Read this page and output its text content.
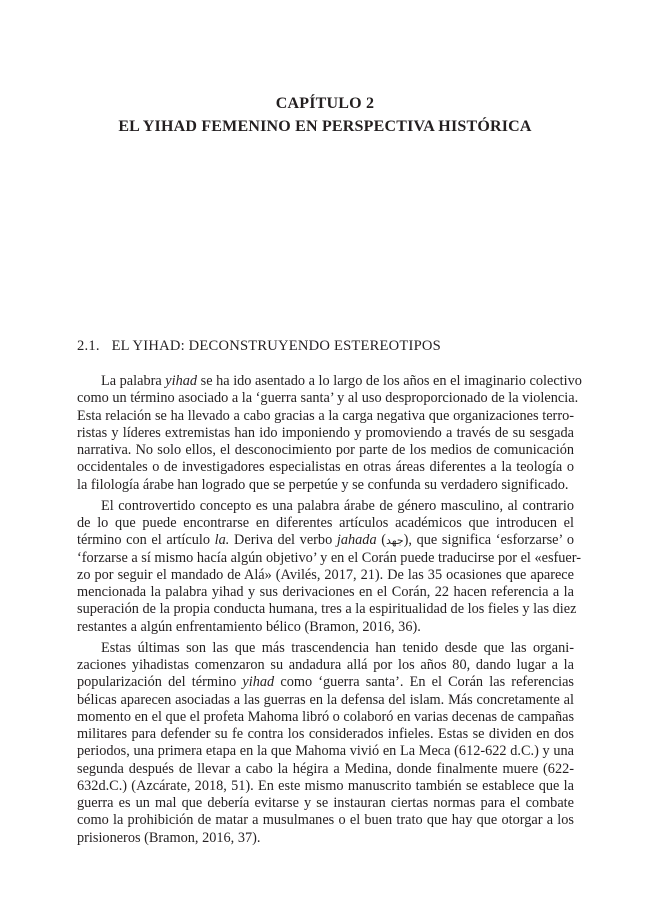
CAPÍTULO 2
EL YIHAD FEMENINO EN PERSPECTIVA HISTÓRICA
2.1. EL YIHAD: DECONSTRUYENDO ESTEREOTIPOS
La palabra yihad se ha ido asentado a lo largo de los años en el imaginario colectivo
como un término asociado a la ‘guerra santa’ y al uso desproporcionado de la violencia.
Esta relación se ha llevado a cabo gracias a la carga negativa que organizaciones terro-
ristas y líderes extremistas han ido imponiendo y promoviendo a través de su sesgada
narrativa. No solo ellos, el desconocimiento por parte de los medios de comunicación
occidentales o de investigadores especialistas en otras áreas diferentes a la teología o
la filología árabe han logrado que se perpetúe y se confunda su verdadero significado.
El controvertido concepto es una palabra árabe de género masculino, al contrario
de lo que puede encontrarse en diferentes artículos académicos que introducen el
término con el artículo la. Deriva del verbo jahada (جهد), que significa ‘esforzarse’ o
‘forzarse a sí mismo hacía algún objetivo’ y en el Corán puede traducirse por el «esfuer-
zo por seguir el mandado de Alá» (Avilés, 2017, 21). De las 35 ocasiones que aparece
mencionada la palabra yihad y sus derivaciones en el Corán, 22 hacen referencia a la
superación de la propia conducta humana, tres a la espiritualidad de los fieles y las diez
restantes a algún enfrentamiento bélico (Bramon, 2016, 36).
Estas últimas son las que más trascendencia han tenido desde que las organi-
zaciones yihadistas comenzaron su andadura allá por los años 80, dando lugar a la
popularización del término yihad como ‘guerra santa’. En el Corán las referencias
bélicas aparecen asociadas a las guerras en la defensa del islam. Más concretamente al
momento en el que el profeta Mahoma libró o colaboró en varias decenas de campañas
militares para defender su fe contra los considerados infieles. Estas se dividen en dos
periodos, una primera etapa en la que Mahoma vivió en La Meca (612-622 d.C.) y una
segunda después de llevar a cabo la hégira a Medina, donde finalmente muere (622-
632d.C.) (Azcárate, 2018, 51). En este mismo manuscrito también se establece que la
guerra es un mal que debería evitarse y se instauran ciertas normas para el combate
como la prohibición de matar a musulmanes o el buen trato que hay que otorgar a los
prisioneros (Bramon, 2016, 37).
